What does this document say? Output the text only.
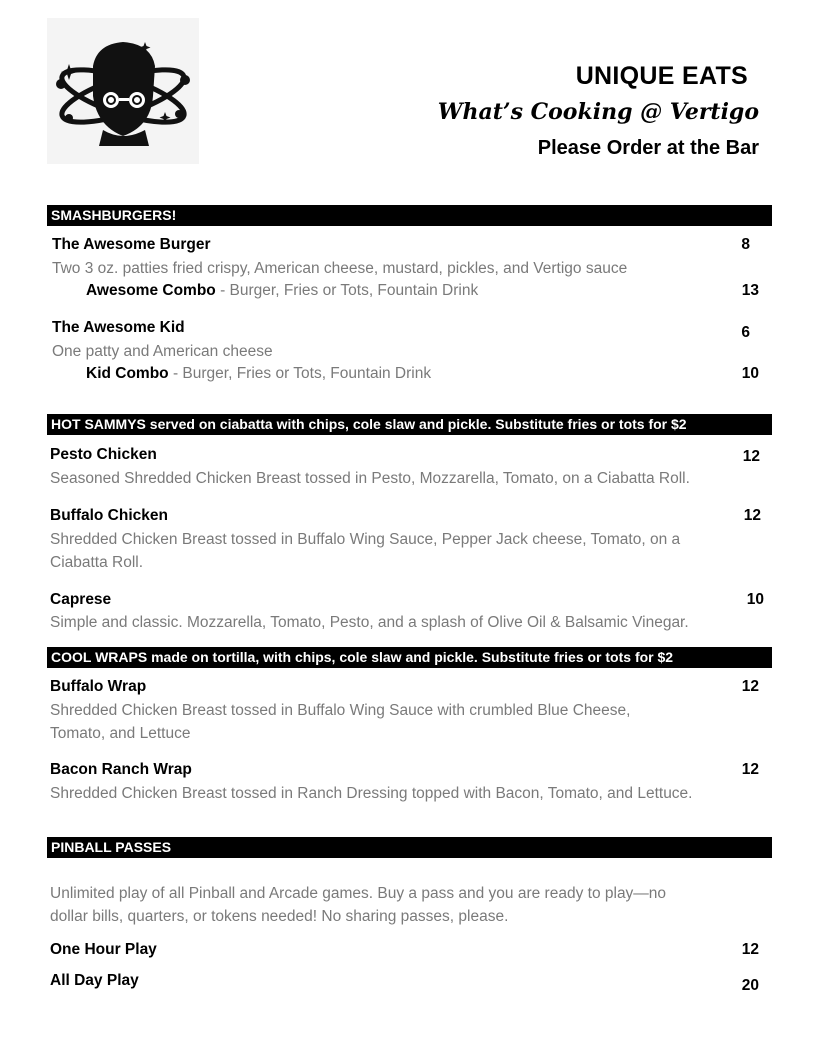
UNIQUE EATS
What’s Cooking @ Vertigo
Please Order at the Bar
SMASHBURGERS!
The Awesome Burger	8
Two 3 oz. patties fried crispy, American cheese, mustard, pickles, and Vertigo sauce
Awesome Combo - Burger, Fries or Tots, Fountain Drink	13
The Awesome Kid	6
One patty and American cheese
Kid Combo - Burger, Fries or Tots, Fountain Drink	10
HOT SAMMYS served on ciabatta with chips, cole slaw and pickle. Substitute fries or tots for $2
Pesto Chicken	12
Seasoned Shredded Chicken Breast tossed in Pesto, Mozzarella, Tomato, on a Ciabatta Roll.
Buffalo Chicken	12
Shredded Chicken Breast tossed in Buffalo Wing Sauce, Pepper Jack cheese, Tomato, on a
Ciabatta Roll.
Caprese	10
Simple and classic. Mozzarella, Tomato, Pesto, and a splash of Olive Oil & Balsamic Vinegar.
COOL WRAPS made on tortilla, with chips, cole slaw and pickle. Substitute fries or tots for $2
Buffalo Wrap	12
Shredded Chicken Breast tossed in Buffalo Wing Sauce with crumbled Blue Cheese,
Tomato, and Lettuce
Bacon Ranch Wrap	12
Shredded Chicken Breast tossed in Ranch Dressing topped with Bacon, Tomato, and Lettuce.
PINBALL PASSES
Unlimited play of all Pinball and Arcade games. Buy a pass and you are ready to play—no
dollar bills, quarters, or tokens needed! No sharing passes, please.
One Hour Play	12
All Day Play	20
